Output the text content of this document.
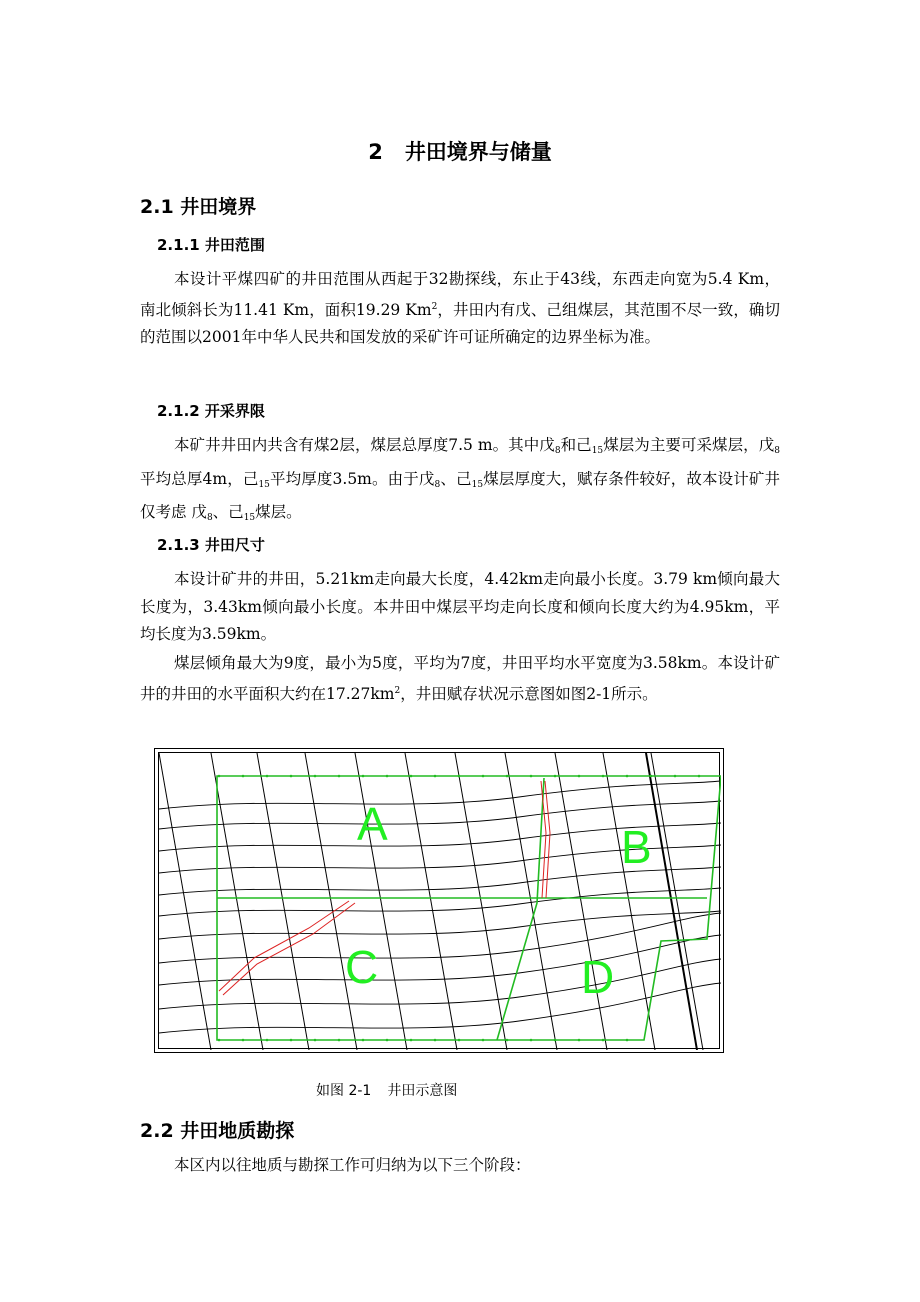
2 井田境界与储量
2.1 井田境界
2.1.1 井田范围
本设计平煤四矿的井田范围从西起于32勘探线，东止于43线，东西走向宽为5.4 Km，南北倾斜长为11.41 Km，面积19.29 Km$^2$，井田内有戊、己组煤层，其范围不尽一致，确切的范围以2001年中华人民共和国发放的采矿许可证所确定的边界坐标为准。
2.1.2 开采界限
本矿井井田内共含有煤2层，煤层总厚度7.5 m。其中戊$_8$和己$_{15}$煤层为主要可采煤层，戊$_8$平均总厚4m，己$_{15}$平均厚度3.5m。由于戊$_8$、己$_{15}$煤层厚度大，赋存条件较好，故本设计矿井仅考虑 戊$_8$、己$_{15}$煤层。
2.1.3 井田尺寸
本设计矿井的井田，5.21km走向最大长度，4.42km走向最小长度。3.79 km倾向最大长度为，3.43km倾向最小长度。本井田中煤层平均走向长度和倾向长度大约为4.95km，平均长度为3.59km。
煤层倾角最大为9度，最小为5度，平均为7度，井田平均水平宽度为3.58km。本设计矿井的井田的水平面积大约在$17.27km^2$，井田赋存状况示意图如图2-1所示。
A	B
C	D
如图 2-1 井田示意图
2.2 井田地质勘探
本区内以往地质与勘探工作可归纳为以下三个阶段：
